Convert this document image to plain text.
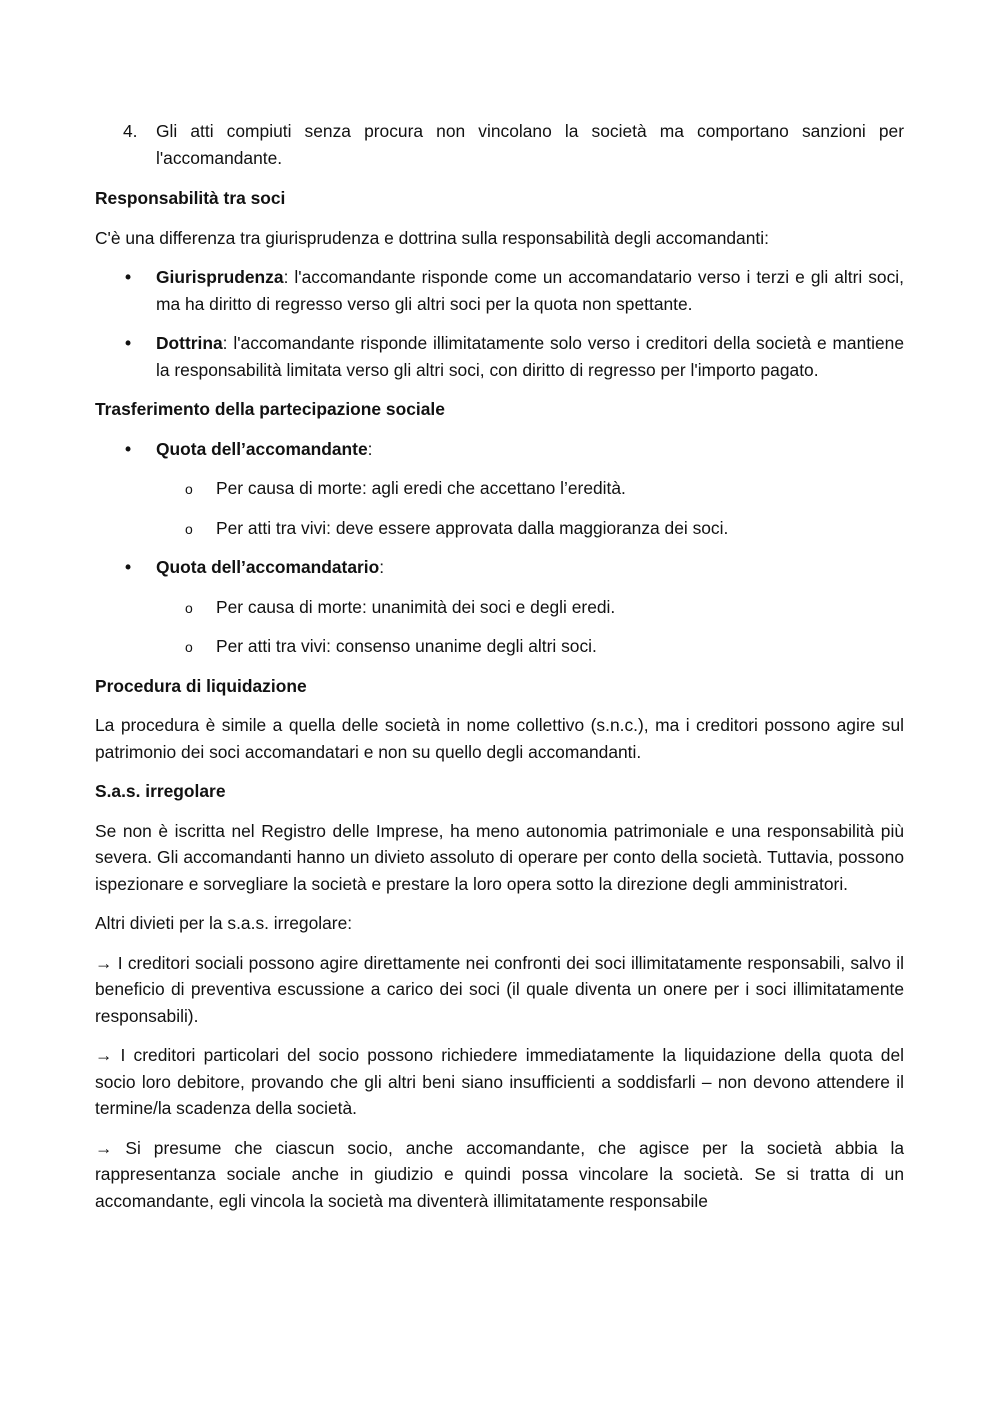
4. Gli atti compiuti senza procura non vincolano la società ma comportano sanzioni per l'accomandante.

Responsabilità tra soci

C'è una differenza tra giurisprudenza e dottrina sulla responsabilità degli accomandanti:

• Giurisprudenza: l'accomandante risponde come un accomandatario verso i terzi e gli altri soci, ma ha diritto di regresso verso gli altri soci per la quota non spettante.
• Dottrina: l'accomandante risponde illimitatamente solo verso i creditori della società e mantiene la responsabilità limitata verso gli altri soci, con diritto di regresso per l'importo pagato.

Trasferimento della partecipazione sociale

• Quota dell’accomandante:
o Per causa di morte: agli eredi che accettano l’eredità.
o Per atti tra vivi: deve essere approvata dalla maggioranza dei soci.
• Quota dell’accomandatario:
o Per causa di morte: unanimità dei soci e degli eredi.
o Per atti tra vivi: consenso unanime degli altri soci.

Procedura di liquidazione

La procedura è simile a quella delle società in nome collettivo (s.n.c.), ma i creditori possono agire sul patrimonio dei soci accomandatari e non su quello degli accomandanti.

S.a.s. irregolare

Se non è iscritta nel Registro delle Imprese, ha meno autonomia patrimoniale e una responsabilità più severa. Gli accomandanti hanno un divieto assoluto di operare per conto della società. Tuttavia, possono ispezionare e sorvegliare la società e prestare la loro opera sotto la direzione degli amministratori.

Altri divieti per la s.a.s. irregolare:

→ I creditori sociali possono agire direttamente nei confronti dei soci illimitatamente responsabili, salvo il beneficio di preventiva escussione a carico dei soci (il quale diventa un onere per i soci illimitatamente responsabili).

→ I creditori particolari del socio possono richiedere immediatamente la liquidazione della quota del socio loro debitore, provando che gli altri beni siano insufficienti a soddisfarli – non devono attendere il termine/la scadenza della società.

→ Si presume che ciascun socio, anche accomandante, che agisce per la società abbia la rappresentanza sociale anche in giudizio e quindi possa vincolare la società. Se si tratta di un accomandante, egli vincola la società ma diventerà illimitatamente responsabile
